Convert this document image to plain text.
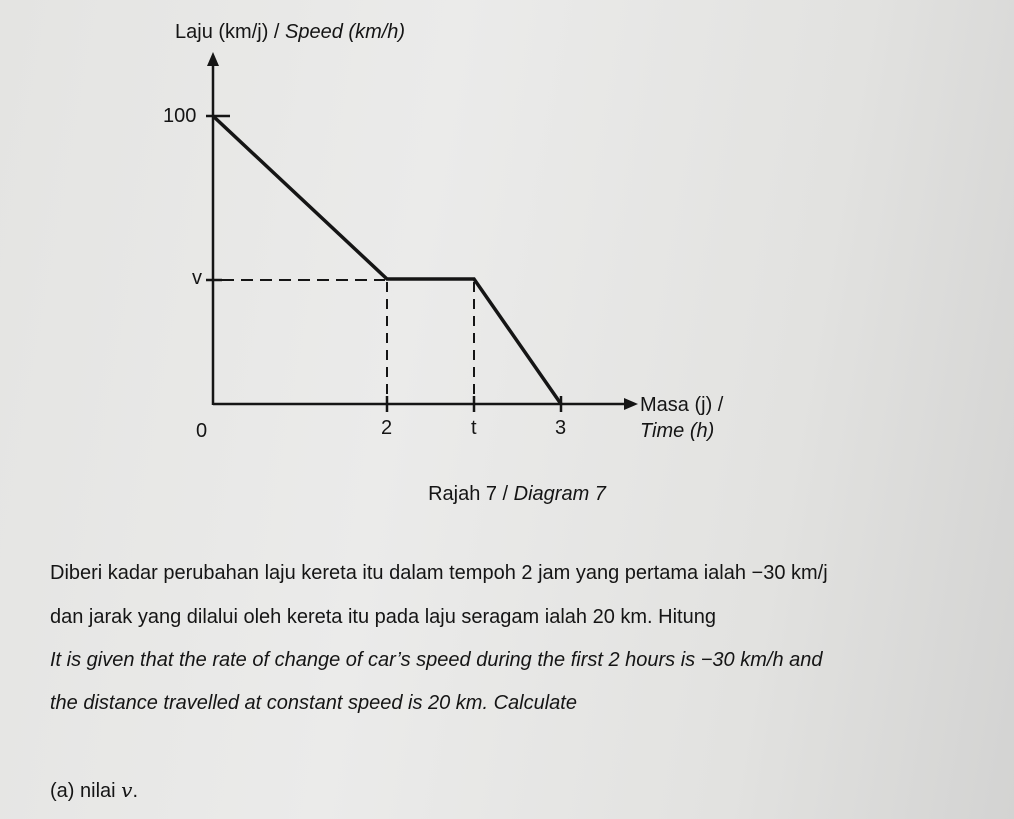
Laju (km/j) / Speed (km/h)
100
v
0	2	t	3
Masa (j) /
Time (h)
Rajah 7 / Diagram 7
Diberi kadar perubahan laju kereta itu dalam tempoh 2 jam yang pertama ialah −30 km/j
dan jarak yang dilalui oleh kereta itu pada laju seragam ialah 20 km. Hitung
It is given that the rate of change of car’s speed during the first 2 hours is −30 km/h and
the distance travelled at constant speed is 20 km. Calculate
(a) nilai v.
